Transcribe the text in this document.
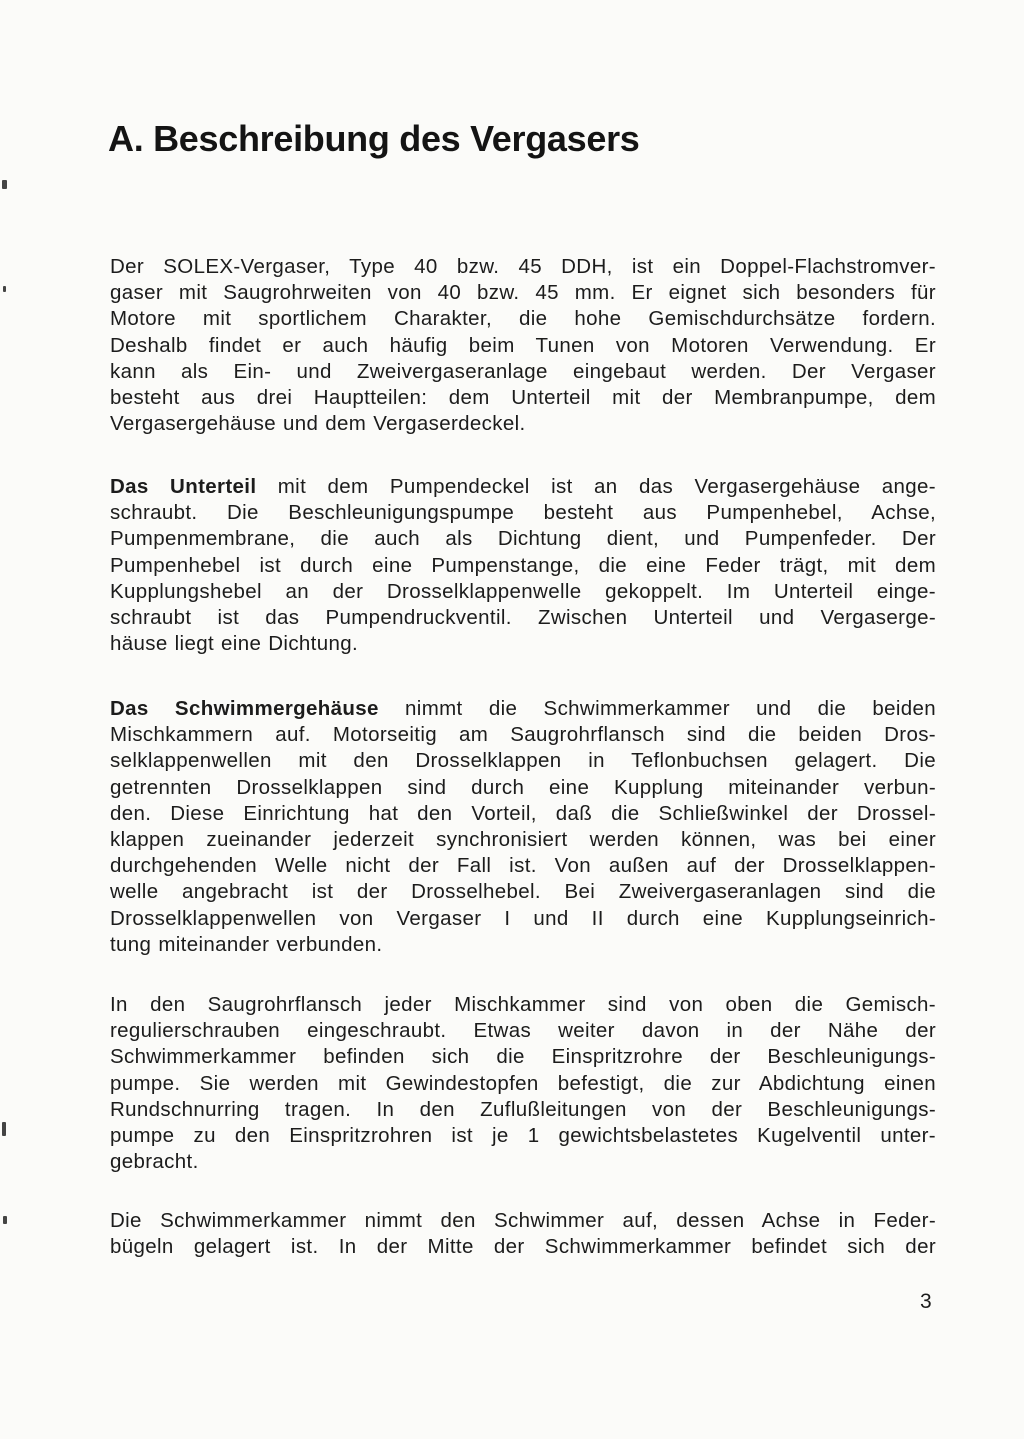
A. Beschreibung des Vergasers

Der SOLEX-Vergaser, Type 40 bzw. 45 DDH, ist ein Doppel-Flachstromver-
gaser mit Saugrohrweiten von 40 bzw. 45 mm. Er eignet sich besonders für
Motore mit sportlichem Charakter, die hohe Gemischdurchsätze fordern.
Deshalb findet er auch häufig beim Tunen von Motoren Verwendung. Er
kann als Ein- und Zweivergaseranlage eingebaut werden. Der Vergaser
besteht aus drei Hauptteilen: dem Unterteil mit der Membranpumpe, dem
Vergasergehäuse und dem Vergaserdeckel.

Das Unterteil mit dem Pumpendeckel ist an das Vergasergehäuse ange-
schraubt. Die Beschleunigungspumpe besteht aus Pumpenhebel, Achse,
Pumpenmembrane, die auch als Dichtung dient, und Pumpenfeder. Der
Pumpenhebel ist durch eine Pumpenstange, die eine Feder trägt, mit dem
Kupplungshebel an der Drosselklappenwelle gekoppelt. Im Unterteil einge-
schraubt ist das Pumpendruckventil. Zwischen Unterteil und Vergaserge-
häuse liegt eine Dichtung.

Das Schwimmergehäuse nimmt die Schwimmerkammer und die beiden
Mischkammern auf. Motorseitig am Saugrohrflansch sind die beiden Dros-
selklappenwellen mit den Drosselklappen in Teflonbuchsen gelagert. Die
getrennten Drosselklappen sind durch eine Kupplung miteinander verbun-
den. Diese Einrichtung hat den Vorteil, daß die Schließwinkel der Drossel-
klappen zueinander jederzeit synchronisiert werden können, was bei einer
durchgehenden Welle nicht der Fall ist. Von außen auf der Drosselklappen-
welle angebracht ist der Drosselhebel. Bei Zweivergaseranlagen sind die
Drosselklappenwellen von Vergaser I und II durch eine Kupplungseinrich-
tung miteinander verbunden.

In den Saugrohrflansch jeder Mischkammer sind von oben die Gemisch-
regulierschrauben eingeschraubt. Etwas weiter davon in der Nähe der
Schwimmerkammer befinden sich die Einspritzrohre der Beschleunigungs-
pumpe. Sie werden mit Gewindestopfen befestigt, die zur Abdichtung einen
Rundschnurring tragen. In den Zuflußleitungen von der Beschleunigungs-
pumpe zu den Einspritzrohren ist je 1 gewichtsbelastetes Kugelventil unter-
gebracht.

Die Schwimmerkammer nimmt den Schwimmer auf, dessen Achse in Feder-
bügeln gelagert ist. In der Mitte der Schwimmerkammer befindet sich der

3
